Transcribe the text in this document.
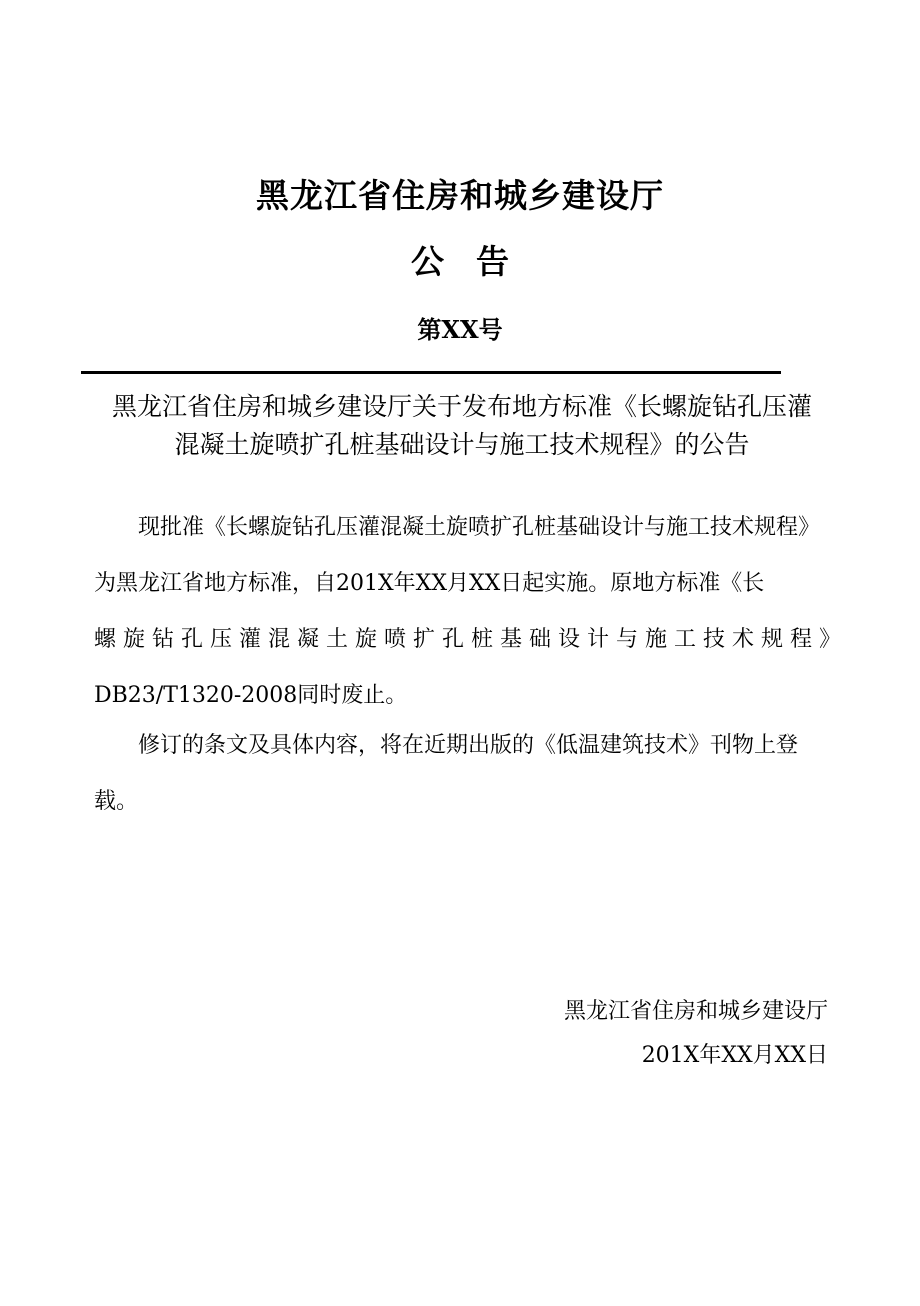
黑龙江省住房和城乡建设厅
公告
第XX号
黑龙江省住房和城乡建设厅关于发布地方标准《长螺旋钻孔压灌
混凝土旋喷扩孔桩基础设计与施工技术规程》的公告
现批准《长螺旋钻孔压灌混凝土旋喷扩孔桩基础设计与施工技术规程》
为黑龙江省地方标准，自201X年XX月XX日起实施。原地方标准《长
螺旋钻孔压灌混凝土旋喷扩孔桩基础设计与施工技术规程》
DB23/T1320-2008同时废止。
修订的条文及具体内容，将在近期出版的《低温建筑技术》刊物上登
载。
黑龙江省住房和城乡建设厅
201X年XX月XX日
